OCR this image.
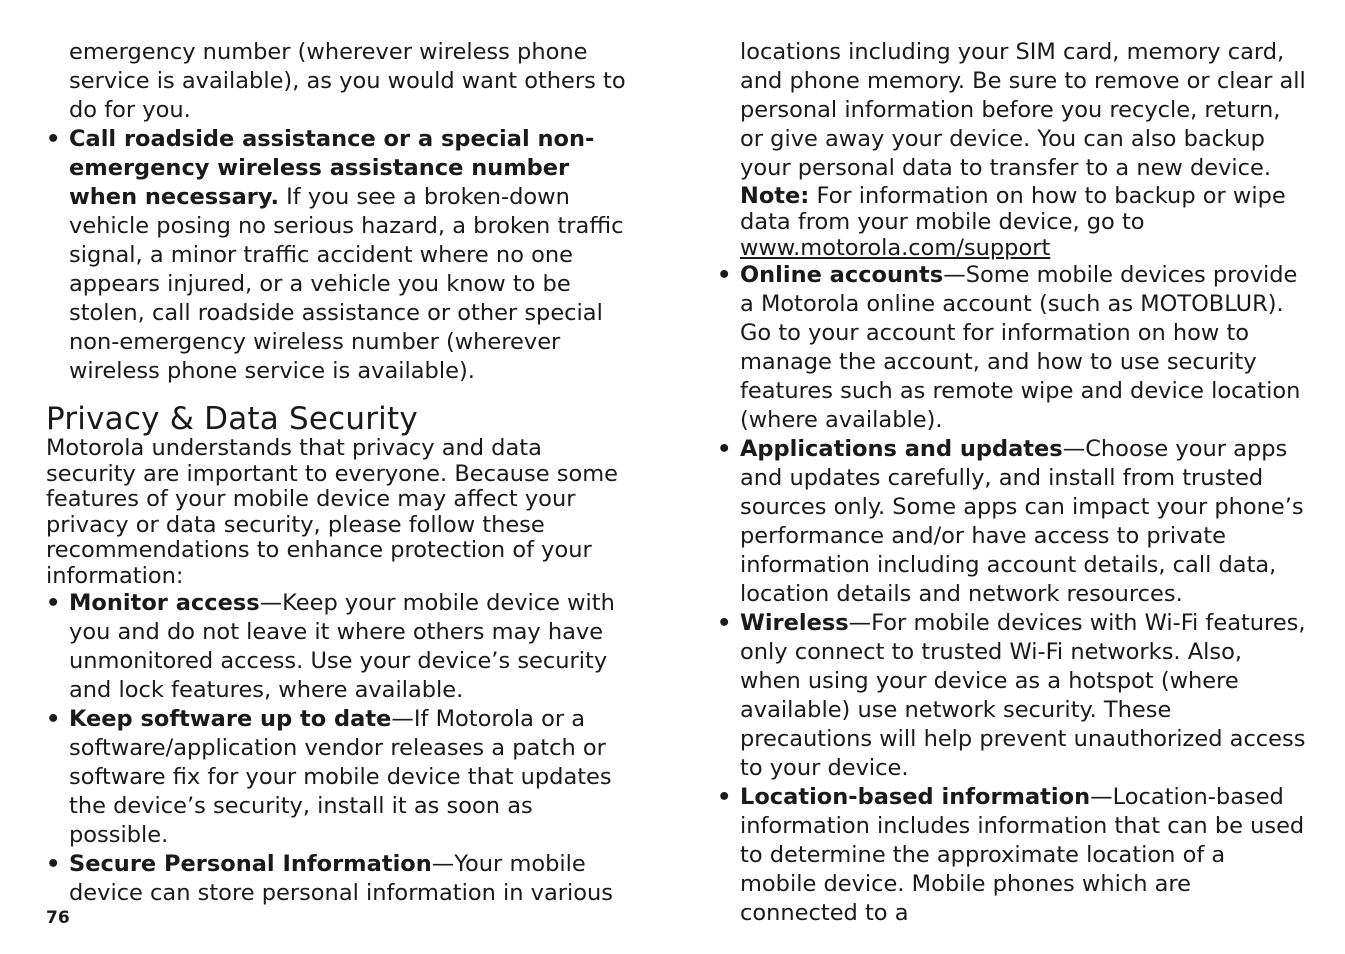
emergency number (wherever wireless phone service is available), as you would want others to do for you.

• Call roadside assistance or a special non-emergency wireless assistance number when necessary. If you see a broken-down vehicle posing no serious hazard, a broken traffic signal, a minor traffic accident where no one appears injured, or a vehicle you know to be stolen, call roadside assistance or other special non-emergency wireless number (wherever wireless phone service is available).
Privacy & Data Security

Motorola understands that privacy and data security are important to everyone. Because some features of your mobile device may affect your privacy or data security, please follow these recommendations to enhance protection of your information:

• Monitor access—Keep your mobile device with you and do not leave it where others may have unmonitored access. Use your device’s security and lock features, where available.
• Keep software up to date—If Motorola or a software/application vendor releases a patch or software fix for your mobile device that updates the device’s security, install it as soon as possible.
• Secure Personal Information—Your mobile device can store personal information in various

locations including your SIM card, memory card, and phone memory. Be sure to remove or clear all personal information before you recycle, return, or give away your device. You can also backup your personal data to transfer to a new device.

Note: For information on how to backup or wipe data from your mobile device, go to
www.motorola.com/support

• Online accounts—Some mobile devices provide a Motorola online account (such as MOTOBLUR). Go to your account for information on how to manage the account, and how to use security features such as remote wipe and device location (where available).
• Applications and updates—Choose your apps and updates carefully, and install from trusted sources only. Some apps can impact your phone’s performance and/or have access to private information including account details, call data, location details and network resources.
• Wireless—For mobile devices with Wi-Fi features, only connect to trusted Wi-Fi networks. Also, when using your device as a hotspot (where available) use network security. These precautions will help prevent unauthorized access to your device.
• Location-based information—Location-based information includes information that can be used to determine the approximate location of a mobile device. Mobile phones which are connected to a
76
